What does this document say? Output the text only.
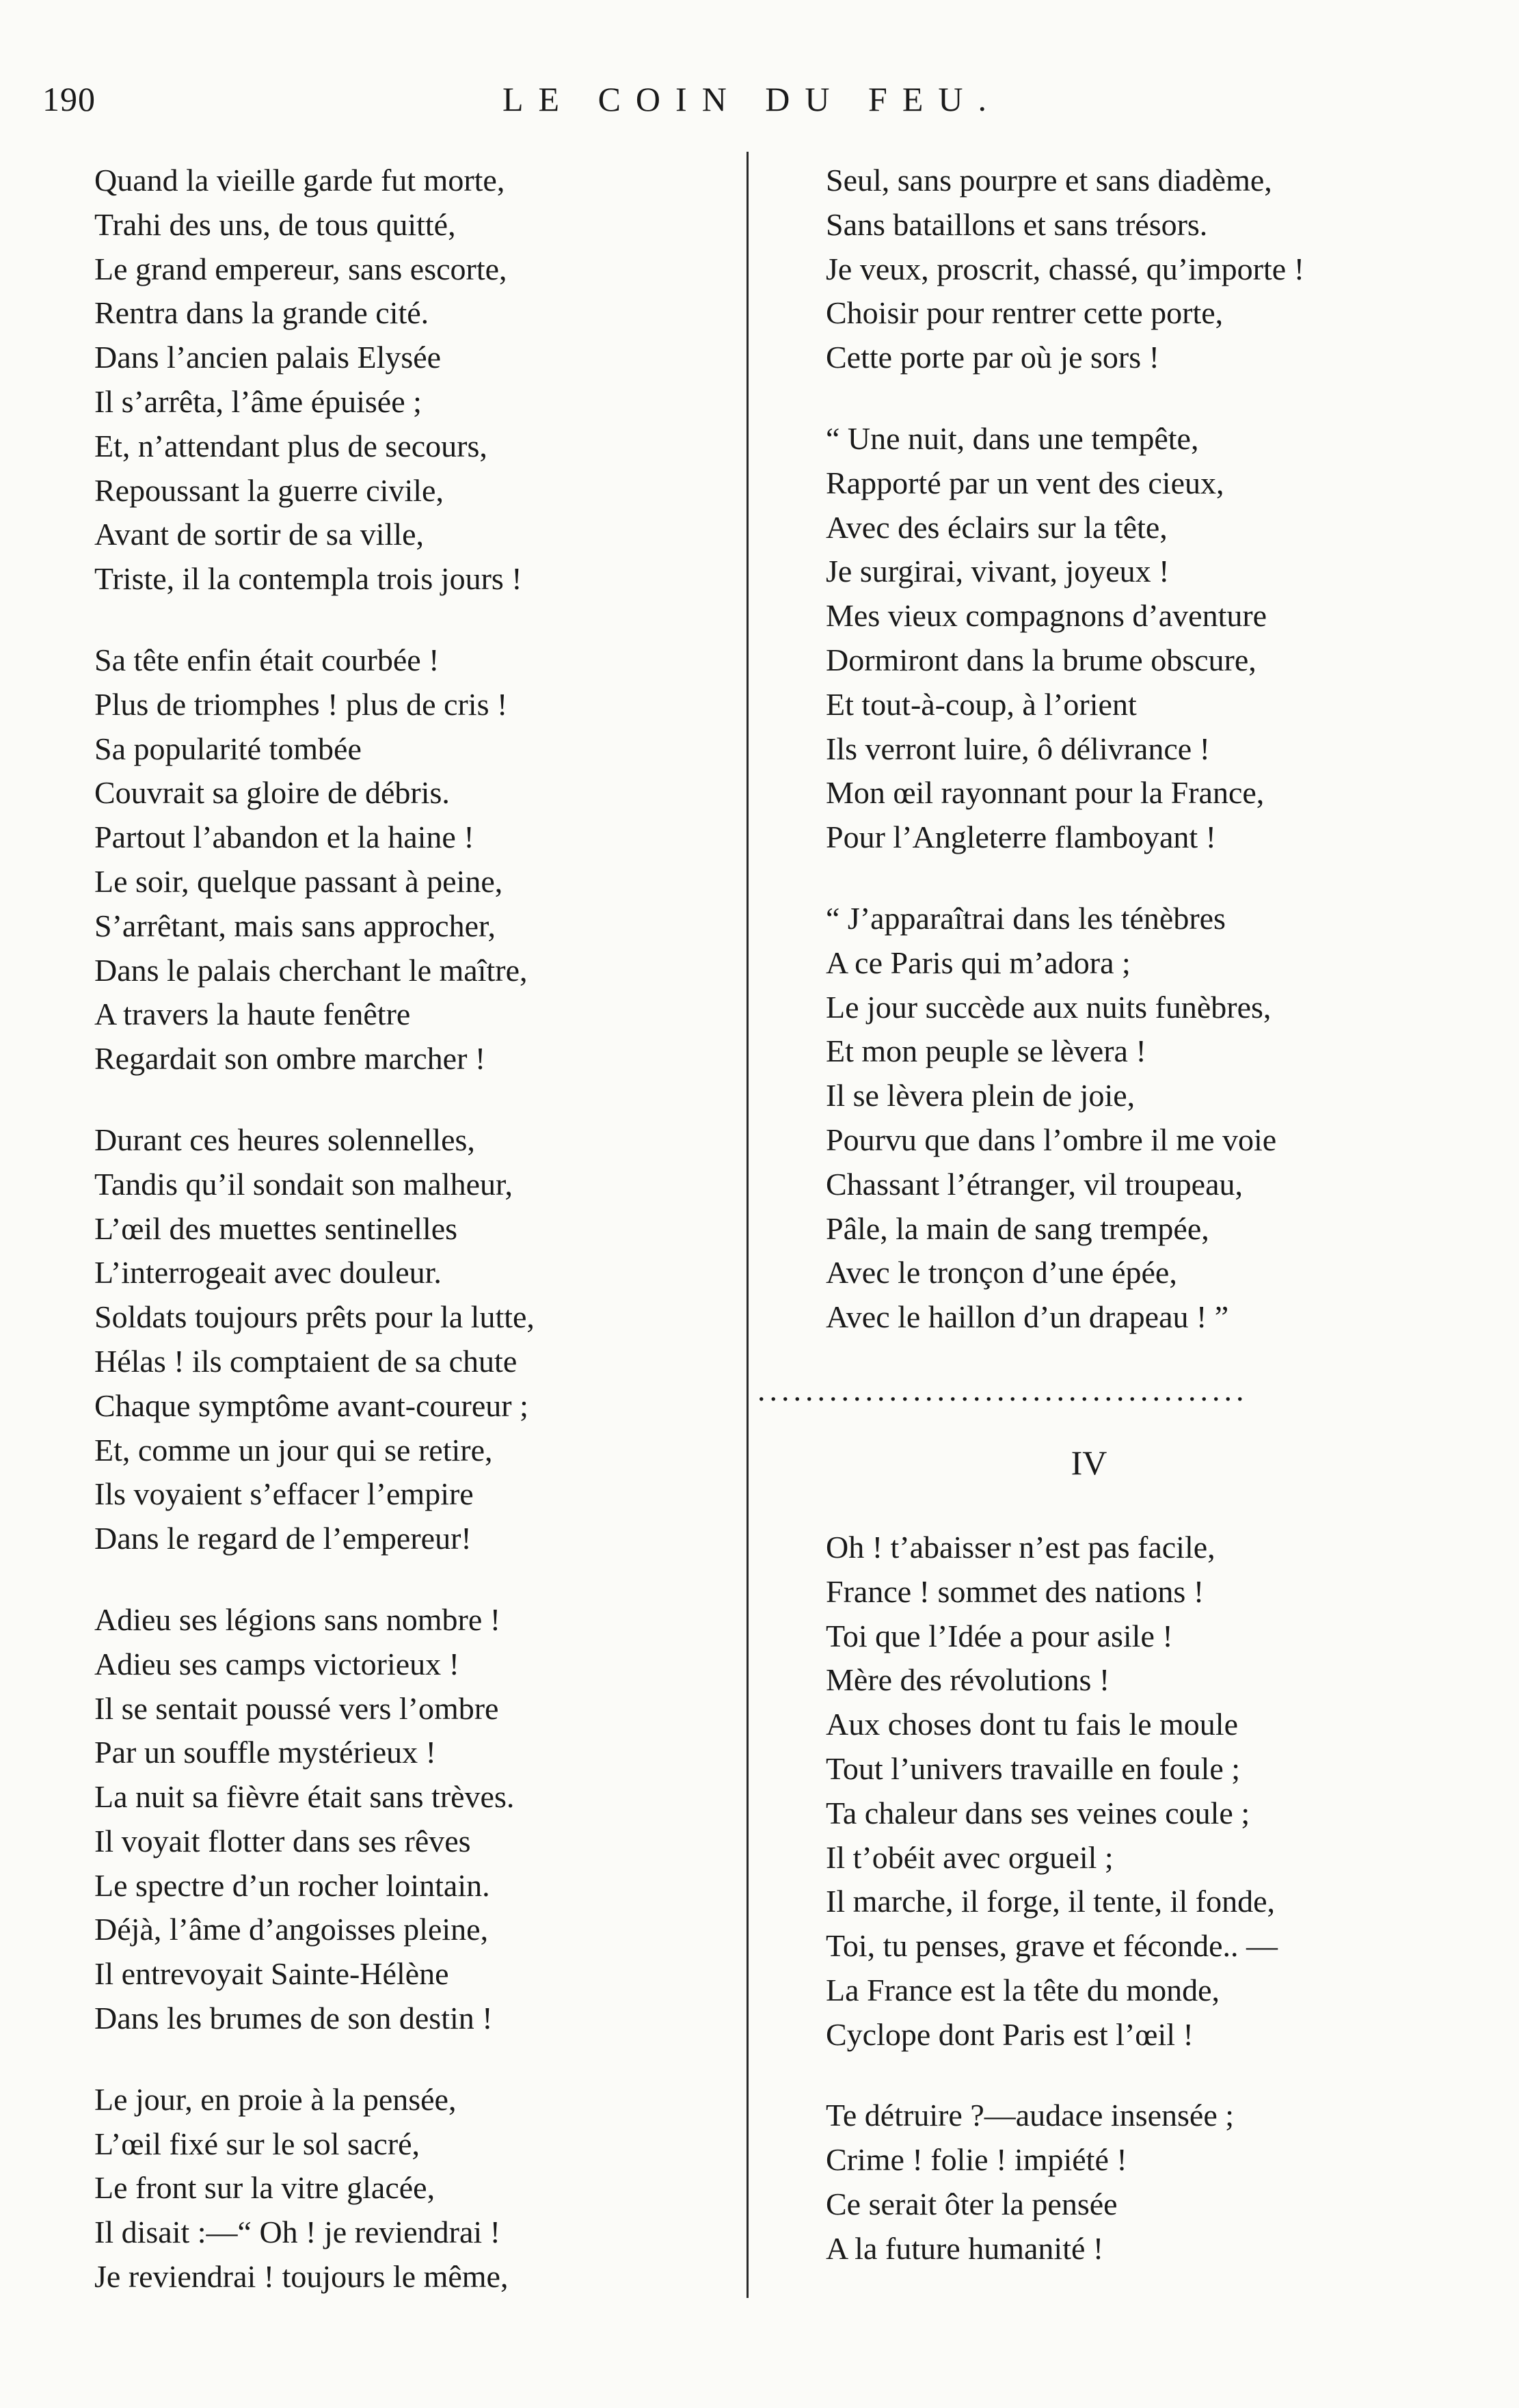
190	LE COIN DU FEU.
Quand la vieille garde fut morte,
Trahi des uns, de tous quitté,
Le grand empereur, sans escorte,
Rentra dans la grande cité.
Dans l’ancien palais Elysée
Il s’arrêta, l’âme épuisée ;
Et, n’attendant plus de secours,
Repoussant la guerre civile,
Avant de sortir de sa ville,
Triste, il la contempla trois jours !
Sa tête enfin était courbée !
Plus de triomphes ! plus de cris !
Sa popularité tombée
Couvrait sa gloire de débris.
Partout l’abandon et la haine !
Le soir, quelque passant à peine,
S’arrêtant, mais sans approcher,
Dans le palais cherchant le maître,
A travers la haute fenêtre
Regardait son ombre marcher !
Durant ces heures solennelles,
Tandis qu’il sondait son malheur,
L’œil des muettes sentinelles
L’interrogeait avec douleur.
Soldats toujours prêts pour la lutte,
Hélas ! ils comptaient de sa chute
Chaque symptôme avant-coureur ;
Et, comme un jour qui se retire,
Ils voyaient s’effacer l’empire
Dans le regard de l’empereur!
Adieu ses légions sans nombre !
Adieu ses camps victorieux !
Il se sentait poussé vers l’ombre
Par un souffle mystérieux !
La nuit sa fièvre était sans trèves.
Il voyait flotter dans ses rêves
Le spectre d’un rocher lointain.
Déjà, l’âme d’angoisses pleine,
Il entrevoyait Sainte-Hélène
Dans les brumes de son destin !
Le jour, en proie à la pensée,
L’œil fixé sur le sol sacré,
Le front sur la vitre glacée,
Il disait :—“ Oh ! je reviendrai !
Je reviendrai ! toujours le même,
Seul, sans pourpre et sans diadème,
Sans bataillons et sans trésors.
Je veux, proscrit, chassé, qu’importe !
Choisir pour rentrer cette porte,
Cette porte par où je sors !
“ Une nuit, dans une tempête,
Rapporté par un vent des cieux,
Avec des éclairs sur la tête,
Je surgirai, vivant, joyeux !
Mes vieux compagnons d’aventure
Dormiront dans la brume obscure,
Et tout-à-coup, à l’orient
Ils verront luire, ô délivrance !
Mon œil rayonnant pour la France,
Pour l’Angleterre flamboyant !
“ J’apparaîtrai dans les ténèbres
A ce Paris qui m’adora ;
Le jour succède aux nuits funèbres,
Et mon peuple se lèvera !
Il se lèvera plein de joie,
Pourvu que dans l’ombre il me voie
Chassant l’étranger, vil troupeau,
Pâle, la main de sang trempée,
Avec le tronçon d’une épée,
Avec le haillon d’un drapeau ! ”
.........................................
IV
Oh ! t’abaisser n’est pas facile,
France ! sommet des nations !
Toi que l’Idée a pour asile !
Mère des révolutions !
Aux choses dont tu fais le moule
Tout l’univers travaille en foule ;
Ta chaleur dans ses veines coule ;
Il t’obéit avec orgueil ;
Il marche, il forge, il tente, il fonde,
Toi, tu penses, grave et féconde.. —
La France est la tête du monde,
Cyclope dont Paris est l’œil !
Te détruire ?—audace insensée ;
Crime ! folie ! impiété !
Ce serait ôter la pensée
A la future humanité !
